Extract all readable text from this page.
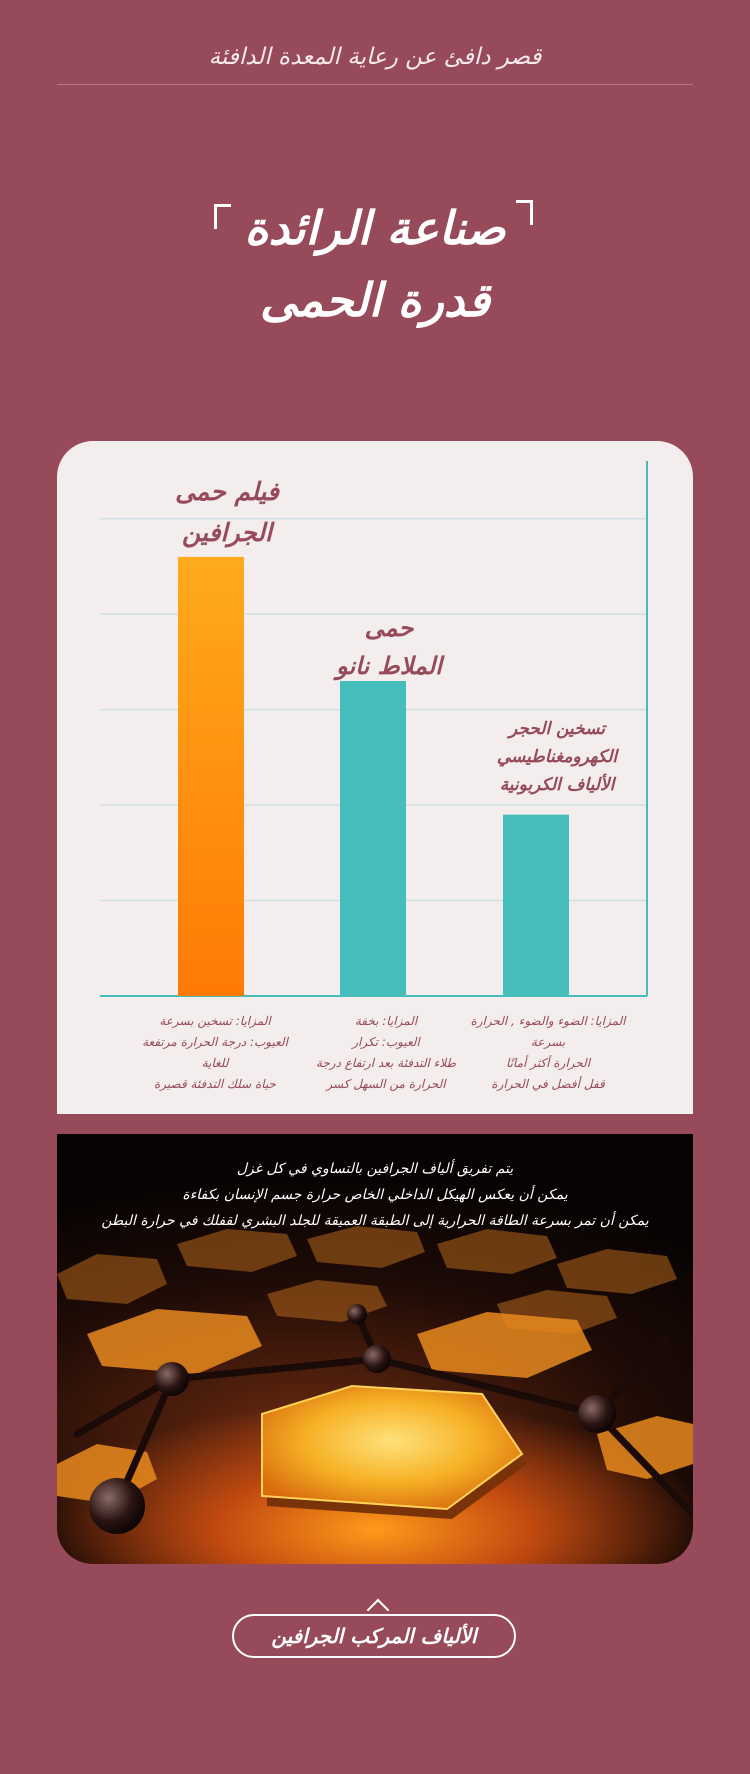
قصر دافئ عن رعاية المعدة الدافئة
صناعة الرائدة
قدرة الحمى
فيلم حمى
الجرافين
حمى
الملاط نانو
تسخين الحجر
الكهرومغناطيسي
الألياف الكربونية
المزايا: تسخين بسرعة
العيوب: درجة الحرارة مرتفعة
للغاية
حياة سلك التدفئة قصيرة
المزايا: بخفة
العيوب: تكرار
طلاء التدفئة بعد ارتفاع درجة
الحرارة من السهل كسر
المزايا: الضوء والضوء , الحرارة
بسرعة
الحرارة أكثر أمانًا
قفل أفضل في الحرارة
يتم تفريق ألياف الجرافين بالتساوي في كل غزل
يمكن أن يعكس الهيكل الداخلي الخاص حرارة جسم الإنسان بكفاءة
يمكن أن تمر بسرعة الطاقة الحرارية إلى الطبقة العميقة للجلد البشري لقفلك في حرارة البطن
الألياف المركب الجرافين
